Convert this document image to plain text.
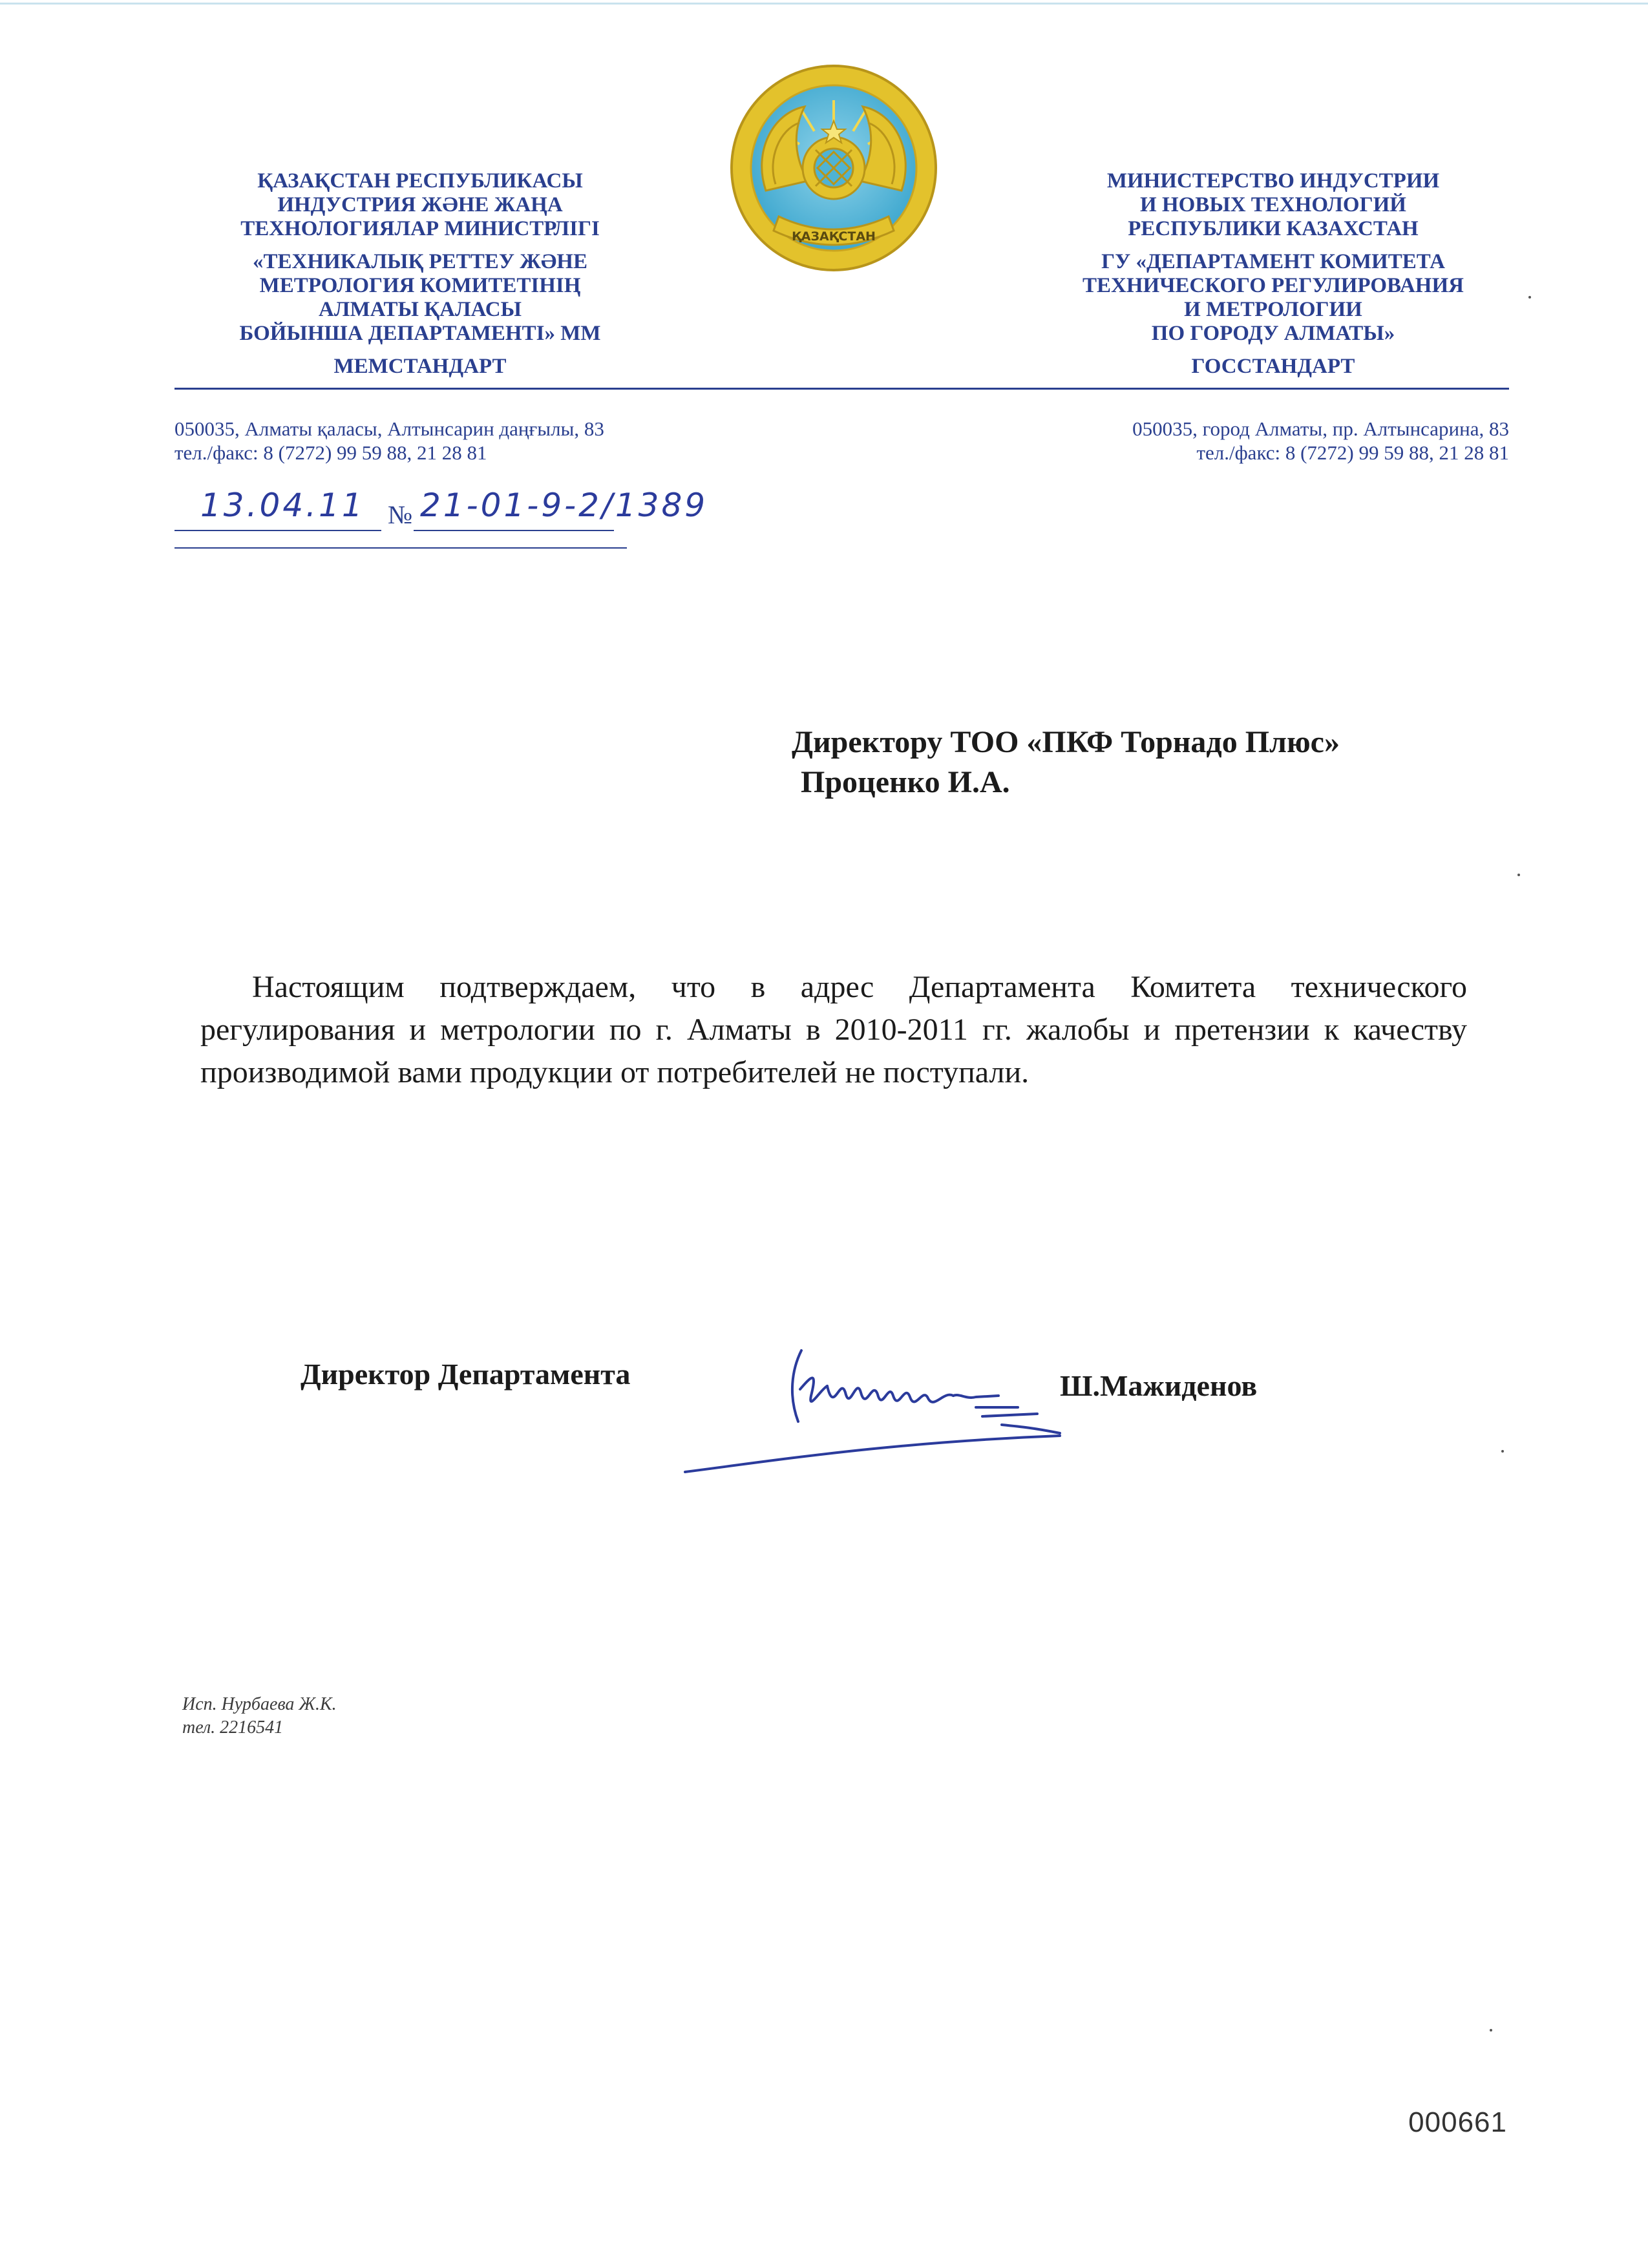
ҚАЗАҚСТАН РЕСПУБЛИКАСЫ
ИНДУСТРИЯ ЖӘНЕ ЖАҢА
ТЕХНОЛОГИЯЛАР МИНИСТРЛІГІ
«ТЕХНИКАЛЫҚ РЕТТЕУ ЖӘНЕ
МЕТРОЛОГИЯ КОМИТЕТІНІҢ
АЛМАТЫ ҚАЛАСЫ
БОЙЫНША ДЕПАРТАМЕНТІ» ММ
МЕМСТАНДАРТ
ҚАЗАҚСТАН
МИНИСТЕРСТВО ИНДУСТРИИ
И НОВЫХ ТЕХНОЛОГИЙ
РЕСПУБЛИКИ КАЗАХСТАН
ГУ «ДЕПАРТАМЕНТ КОМИТЕТА
ТЕХНИЧЕСКОГО РЕГУЛИРОВАНИЯ
И МЕТРОЛОГИИ
ПО ГОРОДУ АЛМАТЫ»
ГОССТАНДАРТ
050035, Алматы қаласы, Алтынсарин даңғылы, 83
тел./факс: 8 (7272) 99 59 88, 21 28 81
050035, город Алматы, пр. Алтынсарина, 83
тел./факс: 8 (7272) 99 59 88, 21 28 81
13.04.11 № 21-01-9-2/1389
Директору ТОО «ПКФ Торнадо Плюс»
Проценко И.А.
Настоящим подтверждаем, что в адрес Департамента Комитета технического регулирования и метрологии по г. Алматы в 2010-2011 гг. жалобы и претензии к качеству производимой вами продукции от потребителей не поступали.
Директор Департамента	Ш.Мажиденов
Исп. Нурбаева Ж.К.
тел. 2216541
000661
